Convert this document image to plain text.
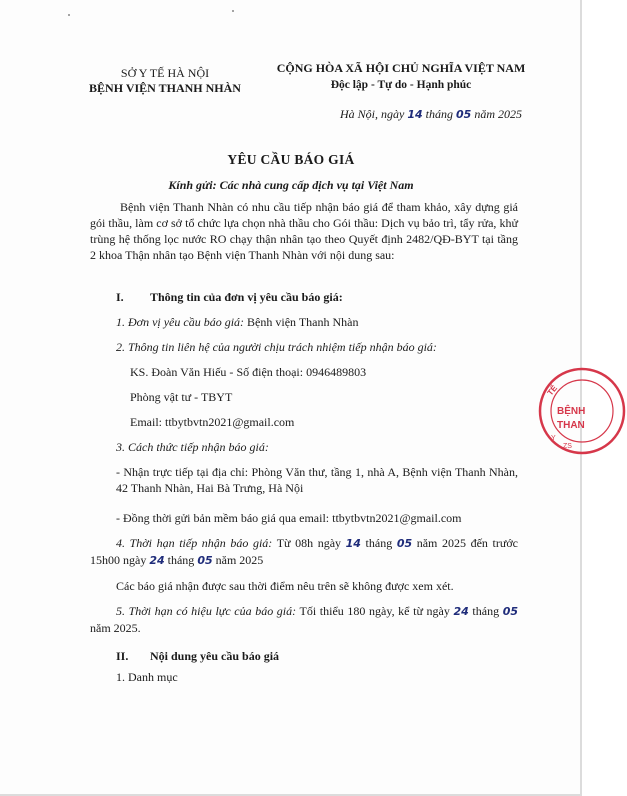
SỞ Y TẾ HÀ NỘI
BỆNH VIỆN THANH NHÀN
CỘNG HÒA XÃ HỘI CHỦ NGHĨA VIỆT NAM
Độc lập - Tự do - Hạnh phúc
Hà Nội, ngày 14 tháng 05 năm 2025
YÊU CẦU BÁO GIÁ
Kính gửi: Các nhà cung cấp dịch vụ tại Việt Nam

Bệnh viện Thanh Nhàn có nhu cầu tiếp nhận báo giá để tham khảo, xây dựng giá gói thầu, làm cơ sở tổ chức lựa chọn nhà thầu cho Gói thầu: Dịch vụ bảo trì, tẩy rửa, khử trùng hệ thống lọc nước RO chạy thận nhân tạo theo Quyết định 2482/QĐ-BYT tại tầng 2 khoa Thận nhân tạo Bệnh viện Thanh Nhàn với nội dung sau:

I. Thông tin của đơn vị yêu cầu báo giá:
1. Đơn vị yêu cầu báo giá: Bệnh viện Thanh Nhàn
2. Thông tin liên hệ của người chịu trách nhiệm tiếp nhận báo giá:
KS. Đoàn Văn Hiếu - Số điện thoại: 0946489803
Phòng vật tư - TBYT
Email: ttbytbvtn2021@gmail.com
3. Cách thức tiếp nhận báo giá:
- Nhận trực tiếp tại địa chỉ: Phòng Văn thư, tầng 1, nhà A, Bệnh viện Thanh Nhàn, 42 Thanh Nhàn, Hai Bà Trưng, Hà Nội
- Đồng thời gửi bản mềm báo giá qua email: ttbytbvtn2021@gmail.com
4. Thời hạn tiếp nhận báo giá: Từ 08h ngày 14 tháng 05 năm 2025 đến trước 15h00 ngày 24 tháng 05 năm 2025
Các báo giá nhận được sau thời điểm nêu trên sẽ không được xem xét.
5. Thời hạn có hiệu lực của báo giá: Tối thiểu 180 ngày, kể từ ngày 24 tháng 05 năm 2025.
II. Nội dung yêu cầu báo giá
1. Danh mục
TẾ
BỆNH
THAN
Y
ZS
